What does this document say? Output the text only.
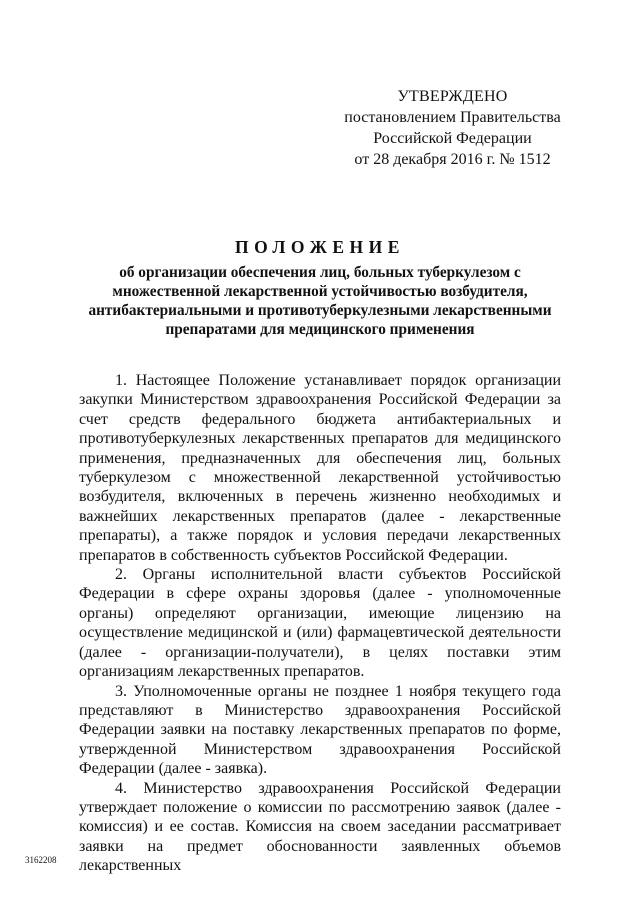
УТВЕРЖДЕНО
постановлением Правительства
Российской Федерации
от 28 декабря 2016 г. № 1512
ПОЛОЖЕНИЕ
об организации обеспечения лиц, больных туберкулезом с
множественной лекарственной устойчивостью возбудителя,
антибактериальными и противотуберкулезными лекарственными
препаратами для медицинского применения

1. Настоящее Положение устанавливает порядок организации закупки Министерством здравоохранения Российской Федерации за счет средств федерального бюджета антибактериальных и противотуберкулезных лекарственных препаратов для медицинского применения, предназначенных для обеспечения лиц, больных туберкулезом с множественной лекарственной устойчивостью возбудителя, включенных в перечень жизненно необходимых и важнейших лекарственных препаратов (далее - лекарственные препараты), а также порядок и условия передачи лекарственных препаратов в собственность субъектов Российской Федерации.

2. Органы исполнительной власти субъектов Российской Федерации в сфере охраны здоровья (далее - уполномоченные органы) определяют организации, имеющие лицензию на осуществление медицинской и (или) фармацевтической деятельности (далее - организации-получатели), в целях поставки этим организациям лекарственных препаратов.

3. Уполномоченные органы не позднее 1 ноября текущего года представляют в Министерство здравоохранения Российской Федерации заявки на поставку лекарственных препаратов по форме, утвержденной Министерством здравоохранения Российской Федерации (далее - заявка).

4. Министерство здравоохранения Российской Федерации утверждает положение о комиссии по рассмотрению заявок (далее - комиссия) и ее состав. Комиссия на своем заседании рассматривает заявки на предмет обоснованности заявленных объемов лекарственных

3162208
